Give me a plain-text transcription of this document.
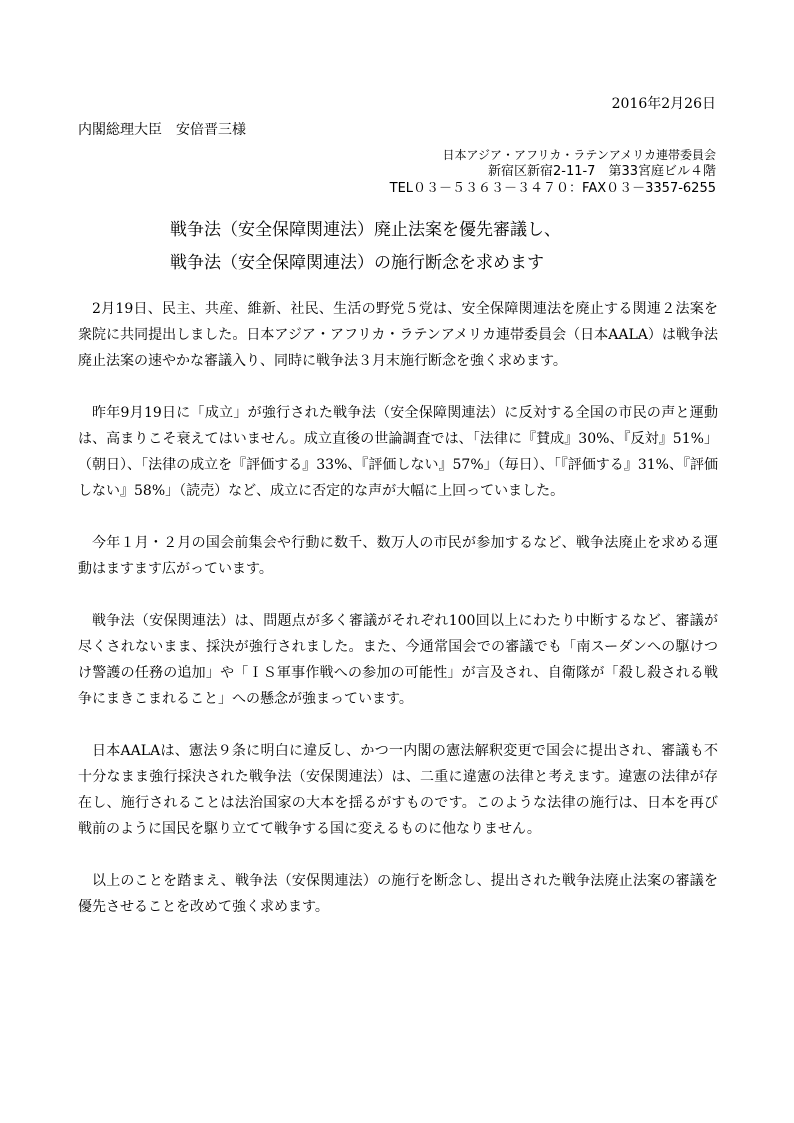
2016年2月26日
内閣総理大臣　安倍晋三様
日本アジア・アフリカ・ラテンアメリカ連帯委員会
新宿区新宿2-11-7　第33宮庭ビル４階
TEL０３－５３６３－３４７０：FAX０３－3357-6255
戦争法（安全保障関連法）廃止法案を優先審議し、
戦争法（安全保障関連法）の施行断念を求めます

2月19日、民主、共産、維新、社民、生活の野党５党は、安全保障関連法を廃止する関連２法案を衆院に共同提出しました。日本アジア・アフリカ・ラテンアメリカ連帯委員会（日本AALA）は戦争法廃止法案の速やかな審議入り、同時に戦争法３月末施行断念を強く求めます。

昨年9月19日に「成立」が強行された戦争法（安全保障関連法）に反対する全国の市民の声と運動は、高まりこそ衰えてはいません。成立直後の世論調査では、「法律に『賛成』30%、『反対』51%」（朝日）、「法律の成立を『評価する』33%、『評価しない』57%」（毎日）、「『評価する』31%、『評価しない』58%」（読売）など、成立に否定的な声が大幅に上回っていました。

今年１月・２月の国会前集会や行動に数千、数万人の市民が参加するなど、戦争法廃止を求める運動はますます広がっています。

戦争法（安保関連法）は、問題点が多く審議がそれぞれ100回以上にわたり中断するなど、審議が尽くされないまま、採決が強行されました。また、今通常国会での審議でも「南スーダンへの駆けつけ警護の任務の追加」や「ＩＳ軍事作戦への参加の可能性」が言及され、自衛隊が「殺し殺される戦争にまきこまれること」への懸念が強まっています。

日本AALAは、憲法９条に明白に違反し、かつ一内閣の憲法解釈変更で国会に提出され、審議も不十分なまま強行採決された戦争法（安保関連法）は、二重に違憲の法律と考えます。違憲の法律が存在し、施行されることは法治国家の大本を揺るがすものです。このような法律の施行は、日本を再び戦前のように国民を駆り立てて戦争する国に変えるものに他なりません。

以上のことを踏まえ、戦争法（安保関連法）の施行を断念し、提出された戦争法廃止法案の審議を優先させることを改めて強く求めます。
